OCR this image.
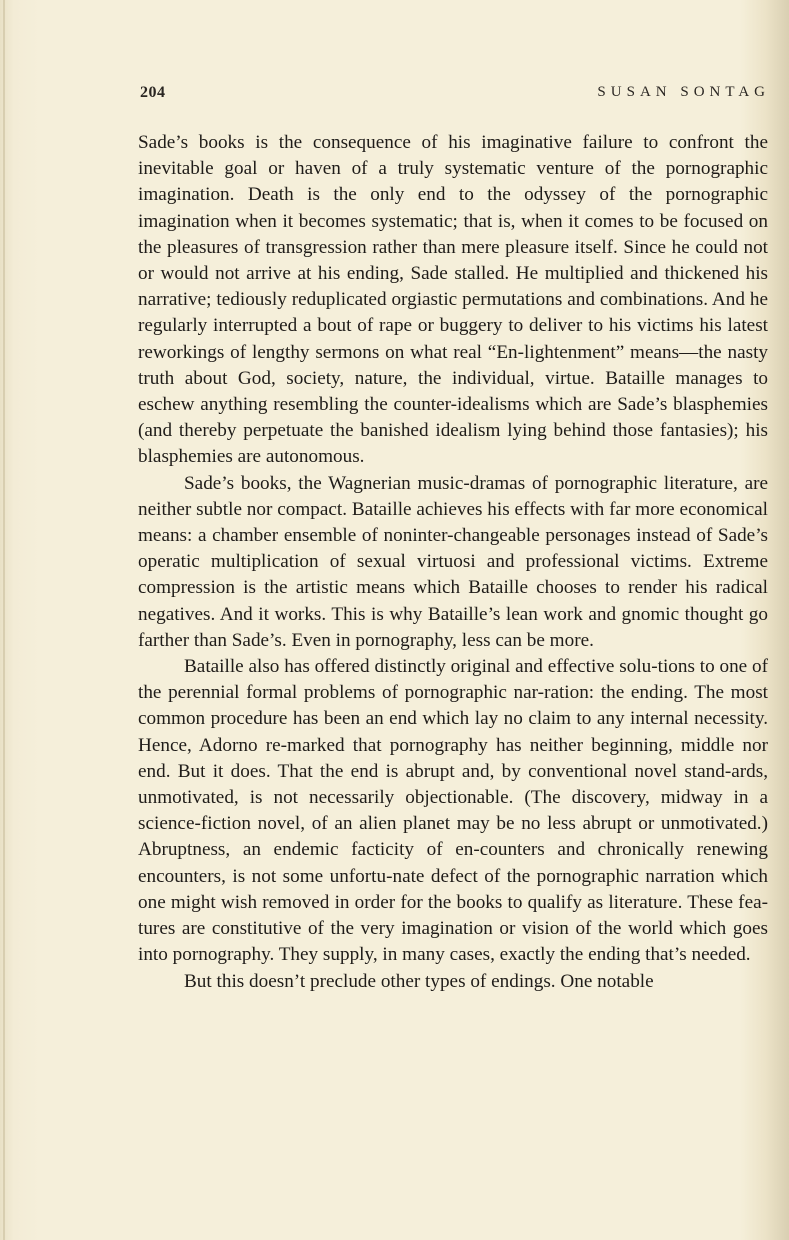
204	SUSAN SONTAG

Sade’s books is the consequence of his imaginative failure to confront the inevitable goal or haven of a truly systematic venture of the pornographic imagination. Death is the only end to the odyssey of the pornographic imagination when it becomes systematic; that is, when it comes to be focused on the pleasures of transgression rather than mere pleasure itself. Since he could not or would not arrive at his ending, Sade stalled. He multiplied and thickened his narrative; tediously reduplicated orgiastic permutations and combinations. And he regularly interrupted a bout of rape or buggery to deliver to his victims his latest reworkings of lengthy sermons on what real “En-lightenment” means—the nasty truth about God, society, nature, the individual, virtue. Bataille manages to eschew anything resembling the counter-idealisms which are Sade’s blasphemies (and thereby perpetuate the banished idealism lying behind those fantasies); his blasphemies are autonomous.

Sade’s books, the Wagnerian music-dramas of pornographic literature, are neither subtle nor compact. Bataille achieves his effects with far more economical means: a chamber ensemble of noninter-changeable personages instead of Sade’s operatic multiplication of sexual virtuosi and professional victims. Extreme compression is the artistic means which Bataille chooses to render his radical negatives. And it works. This is why Bataille’s lean work and gnomic thought go farther than Sade’s. Even in pornography, less can be more.

Bataille also has offered distinctly original and effective solu-tions to one of the perennial formal problems of pornographic nar-ration: the ending. The most common procedure has been an end which lay no claim to any internal necessity. Hence, Adorno re-marked that pornography has neither beginning, middle nor end. But it does. That the end is abrupt and, by conventional novel stand-ards, unmotivated, is not necessarily objectionable. (The discovery, midway in a science-fiction novel, of an alien planet may be no less abrupt or unmotivated.) Abruptness, an endemic facticity of en-counters and chronically renewing encounters, is not some unfortu-nate defect of the pornographic narration which one might wish removed in order for the books to qualify as literature. These fea-tures are constitutive of the very imagination or vision of the world which goes into pornography. They supply, in many cases, exactly the ending that’s needed.

But this doesn’t preclude other types of endings. One notable
